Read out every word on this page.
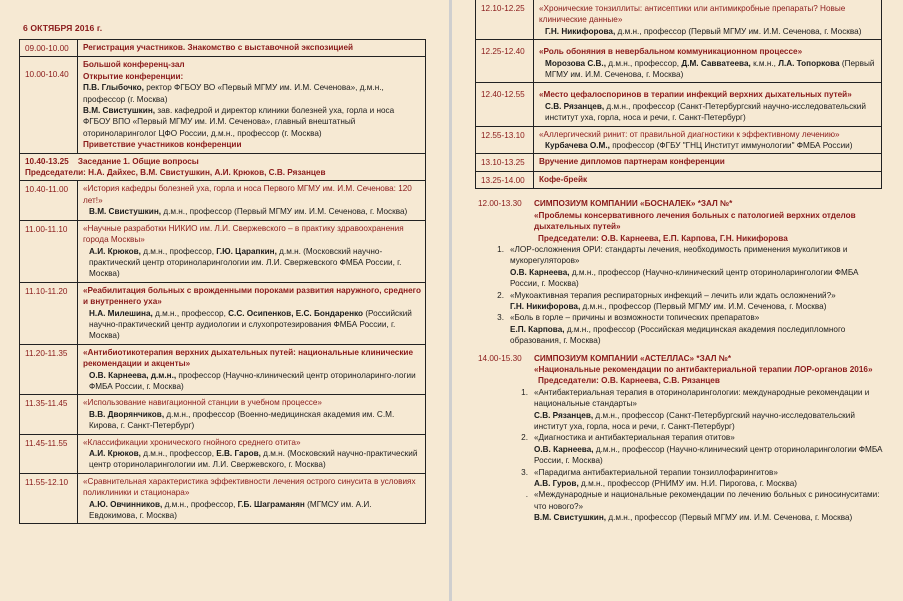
6 ОКТЯБРЯ 2016 г.
09.00-10.00	Регистрация участников. Знакомство с выставочной экспозицией
10.00-10.40	Большой конференц-зал
Открытие конференции:
П.В. Глыбочко, ректор ФГБОУ ВО «Первый МГМУ им. И.М. Сеченова», д.м.н., профессор (г. Москва)
В.М. Свистушкин, зав. кафедрой и директор клиники болезней уха, горла и носа ФГБОУ ВПО «Первый МГМУ им. И.М. Сеченова», главный внештатный оториноларинголог ЦФО России, д.м.н., профессор (г. Москва)
Приветствие участников конференции

10.40-13.25 Заседание 1. Общие вопросы
Председатели: Н.А. Дайхес, В.М. Свистушкин, А.И. Крюков, С.В. Рязанцев	

10.40-11.00	«История кафедры болезней уха, горла и носа Первого МГМУ им. И.М. Сеченова: 120 лет!»
В.М. Свистушкин, д.м.н., профессор (Первый МГМУ им. И.М. Сеченова, г. Москва)

11.00-11.10	«Научные разработки НИКИО им. Л.И. Свержевского – в практику здравоохранения города Москвы»
А.И. Крюков, д.м.н., профессор, Г.Ю. Царапкин, д.м.н. (Московский научно-практический центр оториноларингологии им. Л.И. Свержевского ФМБА России, г. Москва)

11.10-11.20	«Реабилитация больных с врожденными пороками развития наружного, среднего и внутреннего уха»
Н.А. Милешина, д.м.н., профессор, С.С. Осипенков, Е.С. Бондаренко (Российский научно-практический центр аудиологии и слухопротезирования ФМБА России, г. Москва)

11.20-11.35	«Антибиотикотерапия верхних дыхательных путей: национальные клинические рекомендации и акценты»
О.В. Карнеева, д.м.н., профессор (Научно-клинический центр оториноларинго-логии ФМБА России, г. Москва)

11.35-11.45	«Использование навигационной станции в учебном процессе»
В.В. Дворянчиков, д.м.н., профессор (Военно-медицинская академия им. С.М. Кирова, г. Санкт-Петербург)

11.45-11.55	«Классификации хронического гнойного среднего отита»
А.И. Крюков, д.м.н., профессор, Е.В. Гаров, д.м.н. (Московский научно-практический центр оториноларингологии им. Л.И. Свержевского, г. Москва)

11.55-12.10	«Сравнительная характеристика эффективности лечения острого синусита в условиях поликлиники и стационара»
А.Ю. Овчинников, д.м.н., профессор, Г.Б. Шаграманян (МГМСУ им. А.И. Евдокимова, г. Москва)
12.10-12.25	«Хронические тонзиллиты: антисептики или антимикробные препараты? Новые клинические данные»
Г.Н. Никифорова, д.м.н., профессор (Первый МГМУ им. И.М. Сеченова, г. Москва)

12.25-12.40	«Роль обоняния в невербальном коммуникационном процессе»
Морозова С.В., д.м.н., профессор, Д.М. Савватеева, к.м.н., Л.А. Топоркова (Первый МГМУ им. И.М. Сеченова, г. Москва)

12.40-12.55	«Место цефалоспоринов в терапии инфекций верхних дыхательных путей»
С.В. Рязанцев, д.м.н., профессор (Санкт-Петербургский научно-исследовательский институт уха, горла, носа и речи, г. Санкт-Петербург)

12.55-13.10	«Аллергический ринит: от правильной диагностики к эффективному лечению»
Курбачева О.М., профессор (ФГБУ "ГНЦ Институт иммунологии" ФМБА России)

13.10-13.25	Вручение дипломов партнерам конференции
13.25-14.00	Кофе-брейк
12.00-13.30	СИМПОЗИУМ КОМПАНИИ «БОСНАЛЕК» *ЗАЛ №*
«Проблемы консервативного лечения больных с патологией верхних отделов дыхательных путей»
Председатели: О.В. Карнеева, Е.П. Карпова, Г.Н. Никифорова
1. «ЛОР-осложнения ОРИ: стандарты лечения, необходимость применения муколитиков и мукорегуляторов»
О.В. Карнеева, д.м.н., профессор (Научно-клинический центр оториноларингологии ФМБА России, г. Москва)
2. «Мукоактивная терапия респираторных инфекций – лечить или ждать осложнений?»
Г.Н. Никифорова, д.м.н., профессор (Первый МГМУ им. И.М. Сеченова, г. Москва)
3. «Боль в горле – причины и возможности топических препаратов»
Е.П. Карпова, д.м.н., профессор (Российская медицинская академия последипломного образования, г. Москва)
14.00-15.30	СИМПОЗИУМ КОМПАНИИ «АСТЕЛЛАС» *ЗАЛ №*
«Национальные рекомендации по антибактериальной терапии ЛОР-органов 2016»
Председатели: О.В. Карнеева, С.В. Рязанцев
1. «Антибактериальная терапия в оториноларингологии: международные рекомендации и национальные стандарты»
С.В. Рязанцев, д.м.н., профессор (Санкт-Петербургский научно-исследовательский институт уха, горла, носа и речи, г. Санкт-Петербург)
2. «Диагностика и антибактериальная терапия отитов»
О.В. Карнеева, д.м.н., профессор (Научно-клинический центр оториноларингологии ФМБА России, г. Москва)
3. «Парадигма антибактериальной терапии тонзиллофарингитов»
А.В. Гуров, д.м.н., профессор (РНИМУ им. Н.И. Пирогова, г. Москва)
. «Международные и национальные рекомендации по лечению больных с риносинуситами: что нового?»
В.М. Свистушкин, д.м.н., профессор (Первый МГМУ им. И.М. Сеченова, г. Москва)
